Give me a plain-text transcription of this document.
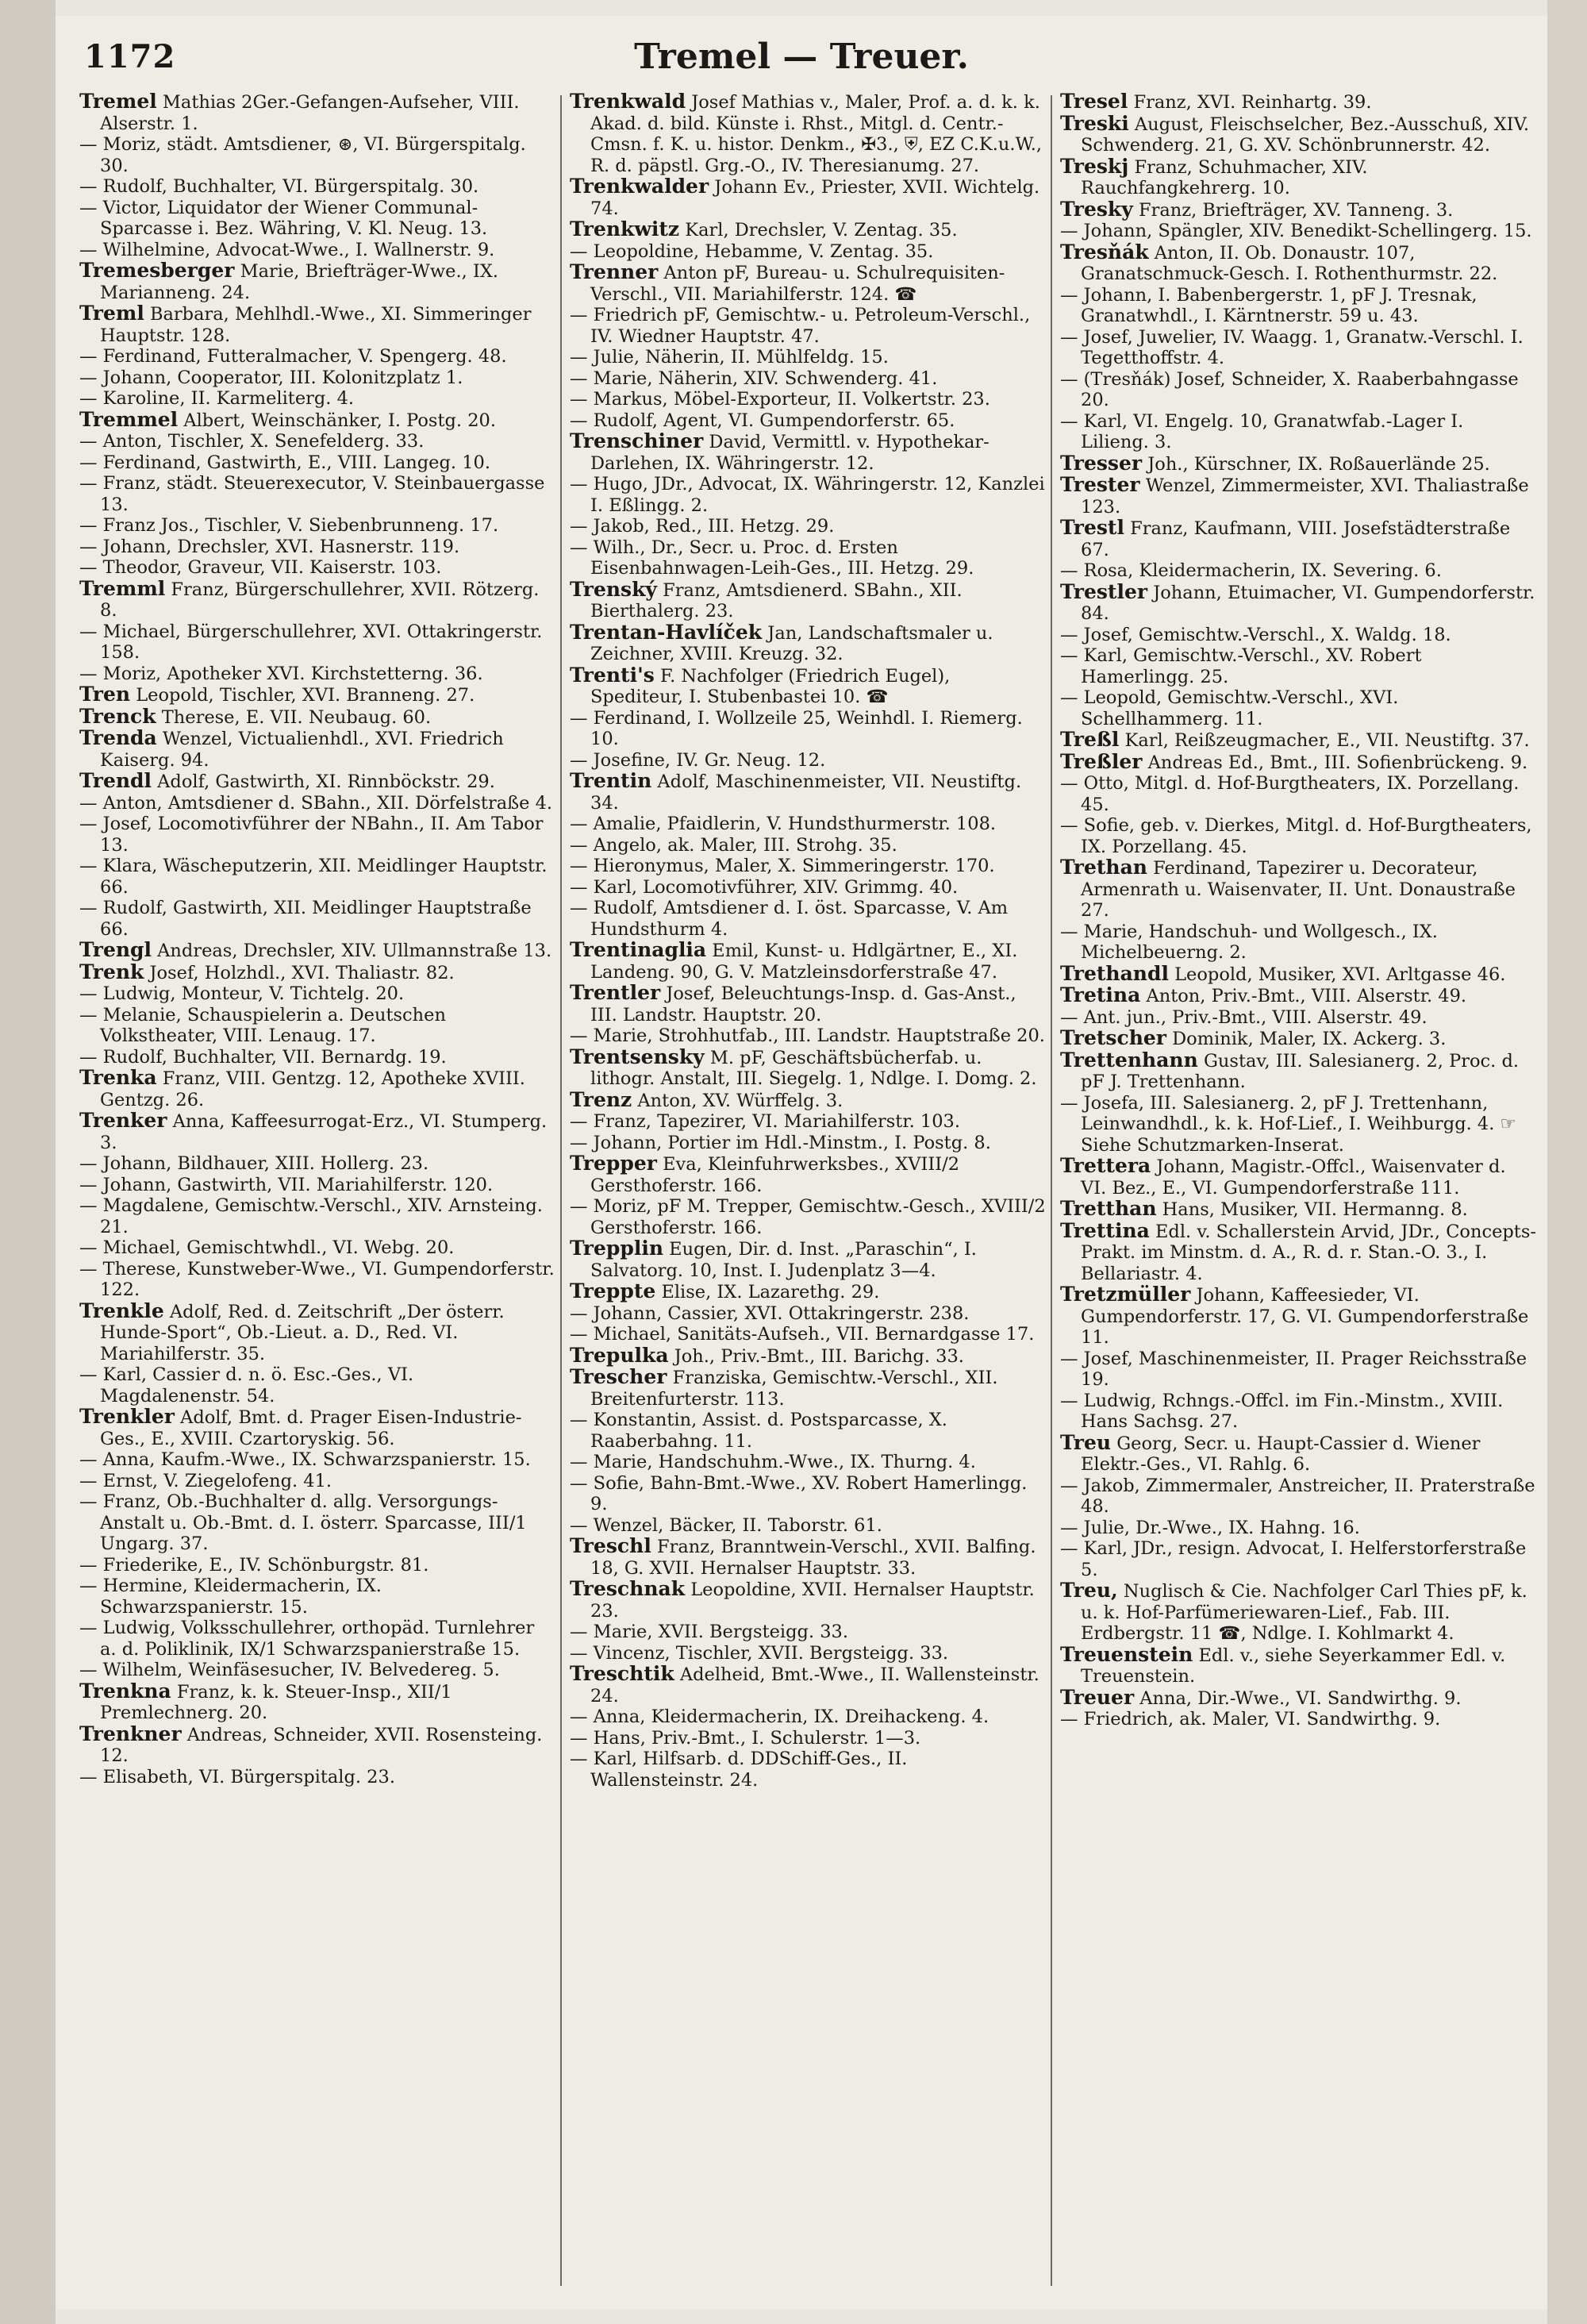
1172	Tremel — Treuer.

Tremel Mathias 2Ger.-Gefangen-Aufseher, VIII. Alserstr. 1.

— Moriz, städt. Amtsdiener, ⊛, VI. Bürgerspitalg. 30.

— Rudolf, Buchhalter, VI. Bürgerspitalg. 30.

— Victor, Liquidator der Wiener Communal-Sparcasse i. Bez. Währing, V. Kl. Neug. 13.

— Wilhelmine, Advocat-Wwe., I. Wallnerstr. 9.

Tremesberger Marie, Briefträger-Wwe., IX. Marianneng. 24.

Treml Barbara, Mehlhdl.-Wwe., XI. Simmeringer Hauptstr. 128.

— Ferdinand, Futteralmacher, V. Spengerg. 48.

— Johann, Cooperator, III. Kolonitzplatz 1.

— Karoline, II. Karmeliterg. 4.

Tremmel Albert, Weinschänker, I. Postg. 20.

— Anton, Tischler, X. Senefelderg. 33.

— Ferdinand, Gastwirth, E., VIII. Langeg. 10.

— Franz, städt. Steuerexecutor, V. Steinbauergasse 13.

— Franz Jos., Tischler, V. Siebenbrunneng. 17.

— Johann, Drechsler, XVI. Hasnerstr. 119.

— Theodor, Graveur, VII. Kaiserstr. 103.

Tremml Franz, Bürgerschullehrer, XVII. Rötzerg. 8.

— Michael, Bürgerschullehrer, XVI. Ottakringerstr. 158.

— Moriz, Apotheker XVI. Kirchstetterng. 36.

Tren Leopold, Tischler, XVI. Branneng. 27.

Trenck Therese, E. VII. Neubaug. 60.

Trenda Wenzel, Victualienhdl., XVI. Friedrich Kaiserg. 94.

Trendl Adolf, Gastwirth, XI. Rinnböckstr. 29.

— Anton, Amtsdiener d. SBahn., XII. Dörfelstraße 4.

— Josef, Locomotivführer der NBahn., II. Am Tabor 13.

— Klara, Wäscheputzerin, XII. Meidlinger Hauptstr. 66.

— Rudolf, Gastwirth, XII. Meidlinger Hauptstraße 66.

Trengl Andreas, Drechsler, XIV. Ullmannstraße 13.

Trenk Josef, Holzhdl., XVI. Thaliastr. 82.

— Ludwig, Monteur, V. Tichtelg. 20.

— Melanie, Schauspielerin a. Deutschen Volkstheater, VIII. Lenaug. 17.

— Rudolf, Buchhalter, VII. Bernardg. 19.

Trenka Franz, VIII. Gentzg. 12, Apotheke XVIII. Gentzg. 26.

Trenker Anna, Kaffeesurrogat-Erz., VI. Stumperg. 3.

— Johann, Bildhauer, XIII. Hollerg. 23.

— Johann, Gastwirth, VII. Mariahilferstr. 120.

— Magdalene, Gemischtw.-Verschl., XIV. Arnsteing. 21.

— Michael, Gemischtwhdl., VI. Webg. 20.

— Therese, Kunstweber-Wwe., VI. Gumpendorferstr. 122.

Trenkle Adolf, Red. d. Zeitschrift „Der österr. Hunde-Sport“, Ob.-Lieut. a. D., Red. VI. Mariahilferstr. 35.

— Karl, Cassier d. n. ö. Esc.-Ges., VI. Magdalenenstr. 54.

Trenkler Adolf, Bmt. d. Prager Eisen-Industrie-Ges., E., XVIII. Czartoryskig. 56.

— Anna, Kaufm.-Wwe., IX. Schwarzspanierstr. 15.

— Ernst, V. Ziegelofeng. 41.

— Franz, Ob.-Buchhalter d. allg. Versorgungs-Anstalt u. Ob.-Bmt. d. I. österr. Sparcasse, III/1 Ungarg. 37.

— Friederike, E., IV. Schönburgstr. 81.

— Hermine, Kleidermacherin, IX. Schwarzspanierstr. 15.

— Ludwig, Volksschullehrer, orthopäd. Turnlehrer a. d. Poliklinik, IX/1 Schwarzspanierstraße 15.

— Wilhelm, Weinfäsesucher, IV. Belvedereg. 5.

Trenkna Franz, k. k. Steuer-Insp., XII/1 Premlechnerg. 20.

Trenkner Andreas, Schneider, XVII. Rosensteing. 12.

— Elisabeth, VI. Bürgerspitalg. 23.

Trenkwald Josef Mathias v., Maler, Prof. a. d. k. k. Akad. d. bild. Künste i. Rhst., Mitgl. d. Centr.-Cmsn. f. K. u. histor. Denkm., ✠3., ⛨, EZ C.K.u.W., R. d. päpstl. Grg.-O., IV. Theresianumg. 27.

Trenkwalder Johann Ev., Priester, XVII. Wichtelg. 74.

Trenkwitz Karl, Drechsler, V. Zentag. 35.

— Leopoldine, Hebamme, V. Zentag. 35.

Trenner Anton pF, Bureau- u. Schulrequisiten-Verschl., VII. Mariahilferstr. 124. ☎

— Friedrich pF, Gemischtw.- u. Petroleum-Verschl., IV. Wiedner Hauptstr. 47.

— Julie, Näherin, II. Mühlfeldg. 15.

— Marie, Näherin, XIV. Schwenderg. 41.

— Markus, Möbel-Exporteur, II. Volkertstr. 23.

— Rudolf, Agent, VI. Gumpendorferstr. 65.

Trenschiner David, Vermittl. v. Hypothekar-Darlehen, IX. Währingerstr. 12.

— Hugo, JDr., Advocat, IX. Währingerstr. 12, Kanzlei I. Eßlingg. 2.

— Jakob, Red., III. Hetzg. 29.

— Wilh., Dr., Secr. u. Proc. d. Ersten Eisenbahnwagen-Leih-Ges., III. Hetzg. 29.

Trenský Franz, Amtsdienerd. SBahn., XII. Bierthalerg. 23.

Trentan-Havlíček Jan, Landschaftsmaler u. Zeichner, XVIII. Kreuzg. 32.

Trenti's F. Nachfolger (Friedrich Eugel), Spediteur, I. Stubenbastei 10. ☎

— Ferdinand, I. Wollzeile 25, Weinhdl. I. Riemerg. 10.

— Josefine, IV. Gr. Neug. 12.

Trentin Adolf, Maschinenmeister, VII. Neustiftg. 34.

— Amalie, Pfaidlerin, V. Hundsthurmerstr. 108.

— Angelo, ak. Maler, III. Strohg. 35.

— Hieronymus, Maler, X. Simmeringerstr. 170.

— Karl, Locomotivführer, XIV. Grimmg. 40.

— Rudolf, Amtsdiener d. I. öst. Sparcasse, V. Am Hundsthurm 4.

Trentinaglia Emil, Kunst- u. Hdlgärtner, E., XI. Landeng. 90, G. V. Matzleinsdorferstraße 47.

Trentler Josef, Beleuchtungs-Insp. d. Gas-Anst., III. Landstr. Hauptstr. 20.

— Marie, Strohhutfab., III. Landstr. Hauptstraße 20.

Trentsensky M. pF, Geschäftsbücherfab. u. lithogr. Anstalt, III. Siegelg. 1, Ndlge. I. Domg. 2.

Trenz Anton, XV. Würffelg. 3.

— Franz, Tapezirer, VI. Mariahilferstr. 103.

— Johann, Portier im Hdl.-Minstm., I. Postg. 8.

Trepper Eva, Kleinfuhrwerksbes., XVIII/2 Gersthoferstr. 166.

— Moriz, pF M. Trepper, Gemischtw.-Gesch., XVIII/2 Gersthoferstr. 166.

Trepplin Eugen, Dir. d. Inst. „Paraschin“, I. Salvatorg. 10, Inst. I. Judenplatz 3—4.

Treppte Elise, IX. Lazarethg. 29.

— Johann, Cassier, XVI. Ottakringerstr. 238.

— Michael, Sanitäts-Aufseh., VII. Bernardgasse 17.

Trepulka Joh., Priv.-Bmt., III. Barichg. 33.

Trescher Franziska, Gemischtw.-Verschl., XII. Breitenfurterstr. 113.

— Konstantin, Assist. d. Postsparcasse, X. Raaberbahng. 11.

— Marie, Handschuhm.-Wwe., IX. Thurng. 4.

— Sofie, Bahn-Bmt.-Wwe., XV. Robert Hamerlingg. 9.

— Wenzel, Bäcker, II. Taborstr. 61.

Treschl Franz, Branntwein-Verschl., XVII. Balfing. 18, G. XVII. Hernalser Hauptstr. 33.

Treschnak Leopoldine, XVII. Hernalser Hauptstr. 23.

— Marie, XVII. Bergsteigg. 33.

— Vincenz, Tischler, XVII. Bergsteigg. 33.

Treschtik Adelheid, Bmt.-Wwe., II. Wallensteinstr. 24.

— Anna, Kleidermacherin, IX. Dreihackeng. 4.

— Hans, Priv.-Bmt., I. Schulerstr. 1—3.

— Karl, Hilfsarb. d. DDSchiff-Ges., II. Wallensteinstr. 24.

Tresel Franz, XVI. Reinhartg. 39.

Treski August, Fleischselcher, Bez.-Ausschuß, XIV. Schwenderg. 21, G. XV. Schönbrunnerstr. 42.

Treskj Franz, Schuhmacher, XIV. Rauchfangkehrerg. 10.

Tresky Franz, Briefträger, XV. Tanneng. 3.

— Johann, Spängler, XIV. Benedikt-Schellingerg. 15.

Tresňák Anton, II. Ob. Donaustr. 107, Granatschmuck-Gesch. I. Rothenthurmstr. 22.

— Johann, I. Babenbergerstr. 1, pF J. Tresnak, Granatwhdl., I. Kärntnerstr. 59 u. 43.

— Josef, Juwelier, IV. Waagg. 1, Granatw.-Verschl. I. Tegetthoffstr. 4.

— (Tresňák) Josef, Schneider, X. Raaberbahngasse 20.

— Karl, VI. Engelg. 10, Granatwfab.-Lager I. Lilieng. 3.

Tresser Joh., Kürschner, IX. Roßauerlände 25.

Trester Wenzel, Zimmermeister, XVI. Thaliastraße 123.

Trestl Franz, Kaufmann, VIII. Josefstädterstraße 67.

— Rosa, Kleidermacherin, IX. Severing. 6.

Trestler Johann, Etuimacher, VI. Gumpendorferstr. 84.

— Josef, Gemischtw.-Verschl., X. Waldg. 18.

— Karl, Gemischtw.-Verschl., XV. Robert Hamerlingg. 25.

— Leopold, Gemischtw.-Verschl., XVI. Schellhammerg. 11.

Treßl Karl, Reißzeugmacher, E., VII. Neustiftg. 37.

Treßler Andreas Ed., Bmt., III. Sofienbrückeng. 9.

— Otto, Mitgl. d. Hof-Burgtheaters, IX. Porzellang. 45.

— Sofie, geb. v. Dierkes, Mitgl. d. Hof-Burgtheaters, IX. Porzellang. 45.

Trethan Ferdinand, Tapezirer u. Decorateur, Armenrath u. Waisenvater, II. Unt. Donaustraße 27.

— Marie, Handschuh- und Wollgesch., IX. Michelbeuerng. 2.

Trethandl Leopold, Musiker, XVI. Arltgasse 46.

Tretina Anton, Priv.-Bmt., VIII. Alserstr. 49.

— Ant. jun., Priv.-Bmt., VIII. Alserstr. 49.

Tretscher Dominik, Maler, IX. Ackerg. 3.

Trettenhann Gustav, III. Salesianerg. 2, Proc. d. pF J. Trettenhann.

— Josefa, III. Salesianerg. 2, pF J. Trettenhann, Leinwandhdl., k. k. Hof-Lief., I. Weihburgg. 4. ☞ Siehe Schutzmarken-Inserat.

Trettera Johann, Magistr.-Offcl., Waisenvater d. VI. Bez., E., VI. Gumpendorferstraße 111.

Tretthan Hans, Musiker, VII. Hermanng. 8.

Trettina Edl. v. Schallerstein Arvid, JDr., Concepts-Prakt. im Minstm. d. A., R. d. r. Stan.-O. 3., I. Bellariastr. 4.

Tretzmüller Johann, Kaffeesieder, VI. Gumpendorferstr. 17, G. VI. Gumpendorferstraße 11.

— Josef, Maschinenmeister, II. Prager Reichsstraße 19.

— Ludwig, Rchngs.-Offcl. im Fin.-Minstm., XVIII. Hans Sachsg. 27.

Treu Georg, Secr. u. Haupt-Cassier d. Wiener Elektr.-Ges., VI. Rahlg. 6.

— Jakob, Zimmermaler, Anstreicher, II. Praterstraße 48.

— Julie, Dr.-Wwe., IX. Hahng. 16.

— Karl, JDr., resign. Advocat, I. Helferstorferstraße 5.

Treu, Nuglisch & Cie. Nachfolger Carl Thies pF, k. u. k. Hof-Parfümeriewaren-Lief., Fab. III. Erdbergstr. 11 ☎, Ndlge. I. Kohlmarkt 4.

Treuenstein Edl. v., siehe Seyerkammer Edl. v. Treuenstein.

Treuer Anna, Dir.-Wwe., VI. Sandwirthg. 9.

— Friedrich, ak. Maler, VI. Sandwirthg. 9.
